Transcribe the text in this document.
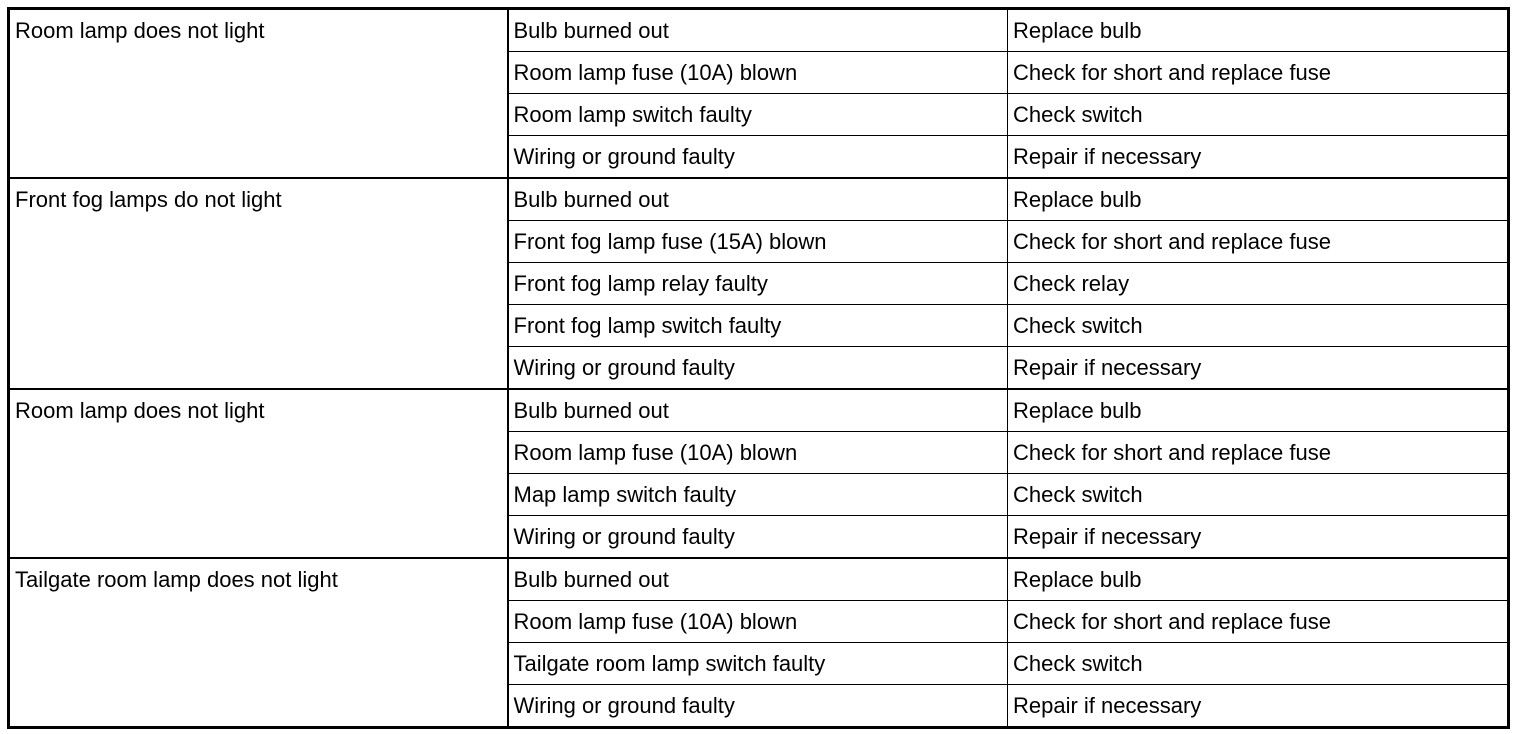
Room lamp does not light	Bulb burned out	Replace bulb
	Room lamp fuse (10A) blown	Check for short and replace fuse
	Room lamp switch faulty	Check switch
	Wiring or ground faulty	Repair if necessary
Front fog lamps do not light	Bulb burned out	Replace bulb
	Front fog lamp fuse (15A) blown	Check for short and replace fuse
	Front fog lamp relay faulty	Check relay
	Front fog lamp switch faulty	Check switch
	Wiring or ground faulty	Repair if necessary
Room lamp does not light	Bulb burned out	Replace bulb
	Room lamp fuse (10A) blown	Check for short and replace fuse
	Map lamp switch faulty	Check switch
	Wiring or ground faulty	Repair if necessary
Tailgate room lamp does not light	Bulb burned out	Replace bulb
	Room lamp fuse (10A) blown	Check for short and replace fuse
	Tailgate room lamp switch faulty	Check switch
	Wiring or ground faulty	Repair if necessary
